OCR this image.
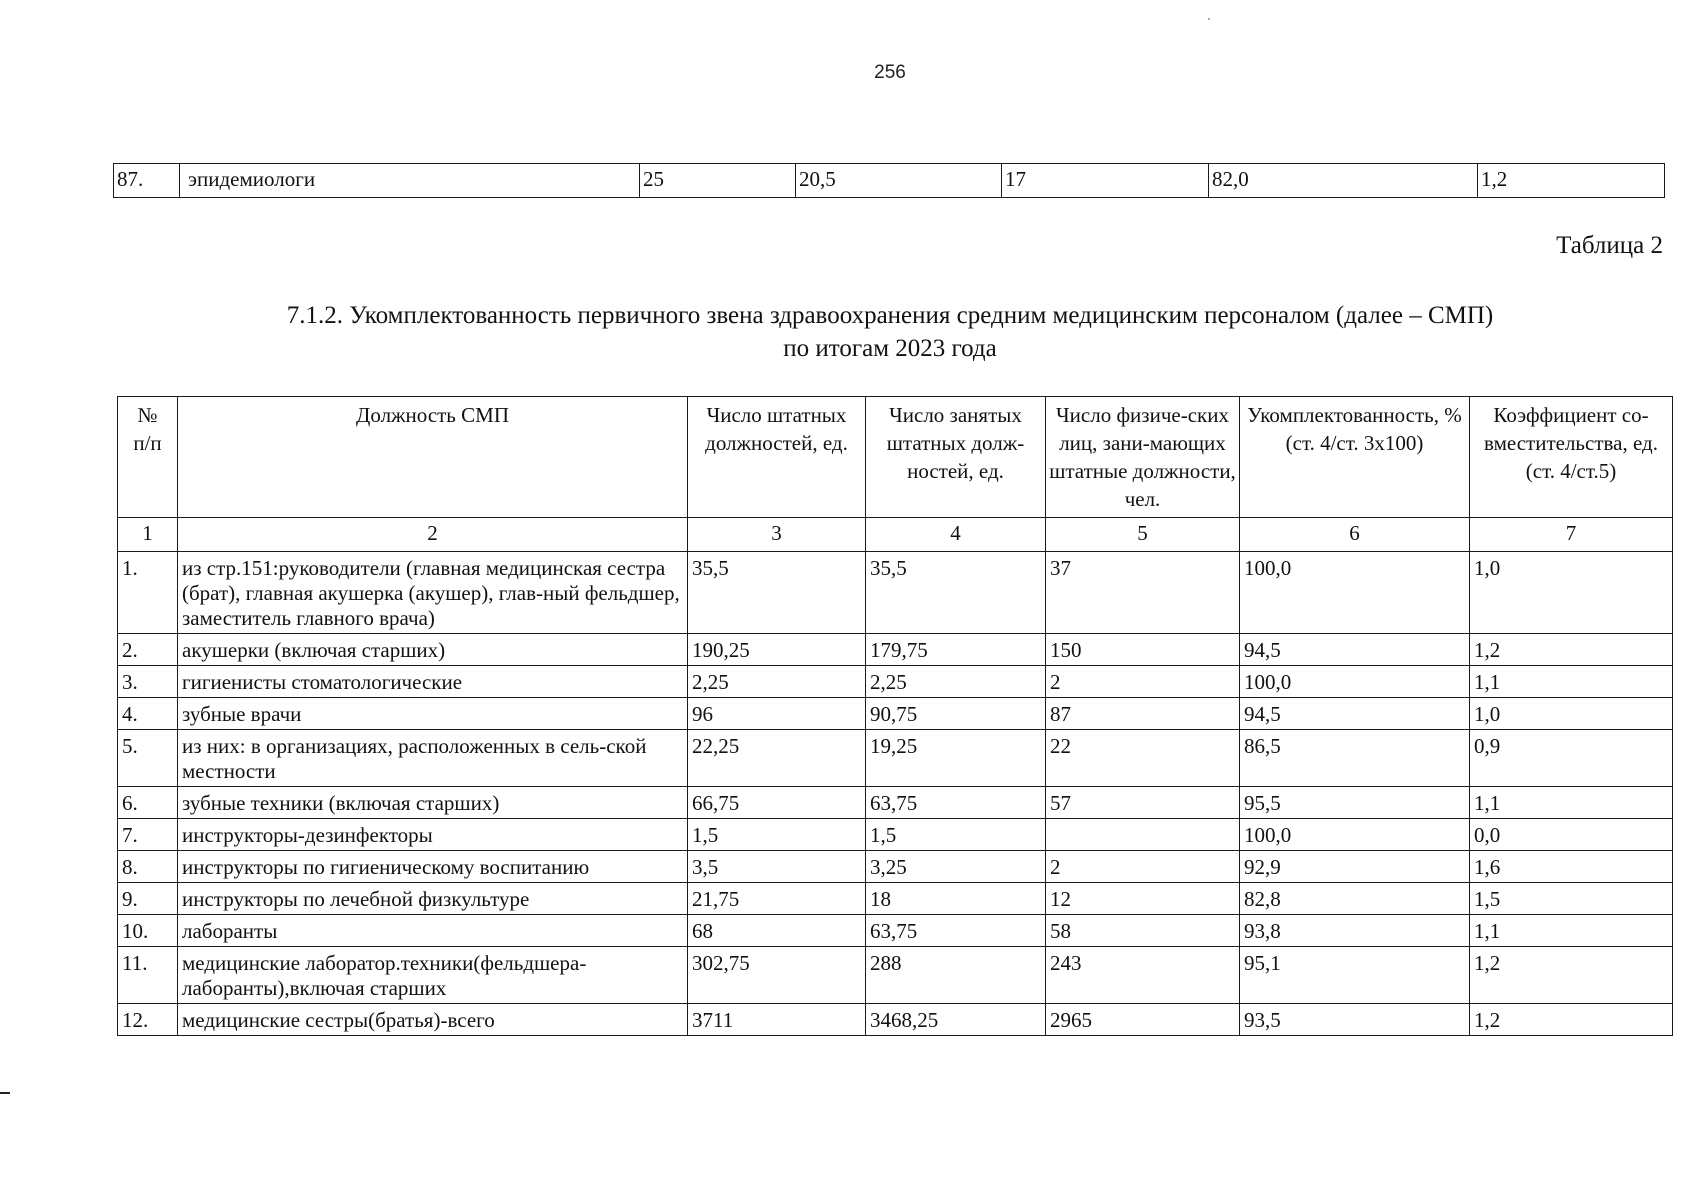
256
87.	эпидемиологи	25	20,5	17	82,0	1,2
Таблица 2
7.1.2. Укомплектованность первичного звена здравоохранения средним медицинским персоналом (далее – СМП)
по итогам 2023 года
№
п/п	Должность СМП	Число штатных должностей, ед.	Число занятых штатных долж-ностей, ед.	Число физиче-ских лиц, зани-мающих штатные должности, чел.	Укомплектованность, % (ст. 4/ст. 3х100)	Коэффициент со-вместительства, ед. (ст. 4/ст.5)
1	2	3	4	5	6	7
1.	из стр.151:руководители (главная медицинская сестра (брат), главная акушерка (акушер), глав-ный фельдшер, заместитель главного врача)	35,5	35,5	37	100,0	1,0
2.	акушерки (включая старших)	190,25	179,75	150	94,5	1,2
3.	гигиенисты стоматологические	2,25	2,25	2	100,0	1,1
4.	зубные врачи	96	90,75	87	94,5	1,0
5.	из них: в организациях, расположенных в сель-ской местности	22,25	19,25	22	86,5	0,9
6.	зубные техники (включая старших)	66,75	63,75	57	95,5	1,1
7.	инструкторы-дезинфекторы	1,5	1,5		100,0	0,0
8.	инструкторы по гигиеническому воспитанию	3,5	3,25	2	92,9	1,6
9.	инструкторы по лечебной физкультуре	21,75	18	12	82,8	1,5
10.	лаборанты	68	63,75	58	93,8	1,1
11.	медицинские лаборатор.техники(фельдшера-лаборанты),включая старших	302,75	288	243	95,1	1,2
12.	медицинские сестры(братья)-всего	3711	3468,25	2965	93,5	1,2
